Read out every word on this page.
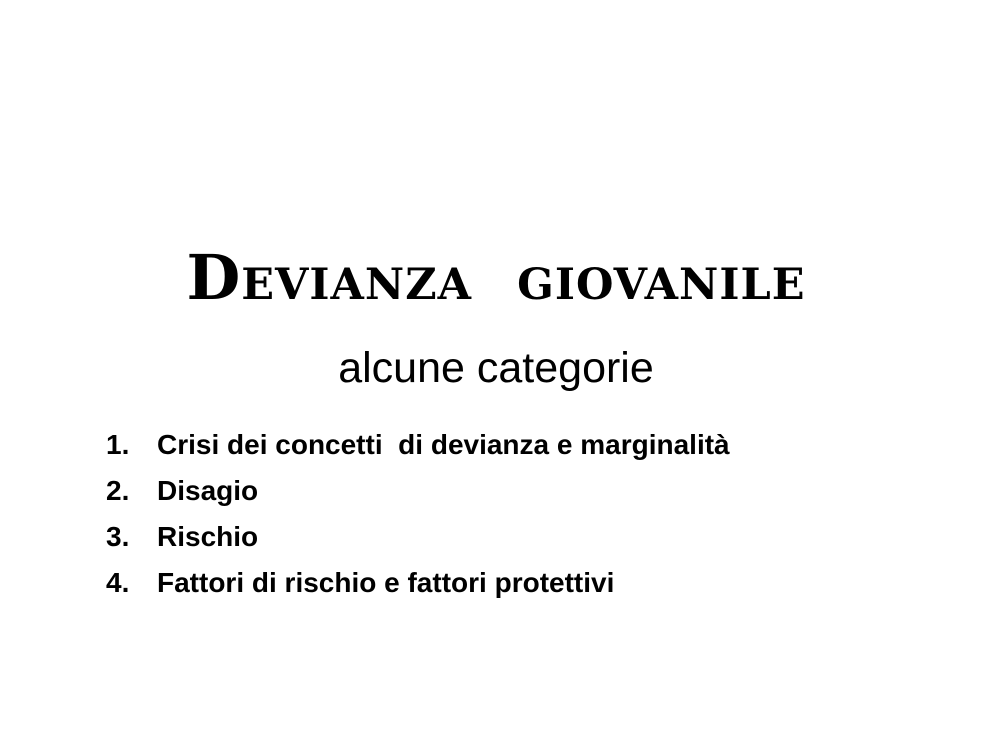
Devianza  giovanile

alcune categorie

1. Crisi dei concetti  di devianza e marginalità
2. Disagio
3. Rischio
4. Fattori di rischio e fattori protettivi
